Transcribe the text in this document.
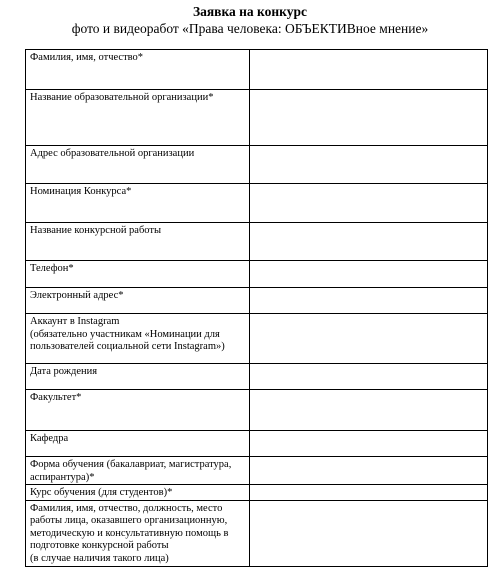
Заявка на конкурс
фото и видеоработ «Права человека: ОБЪЕКТИВное мнение»
Фамилия, имя, отчество*	

Название образовательной организации*	

Адрес образовательной организации	

Номинация Конкурса*	

Название конкурсной работы	

Телефон*	

Электронный адрес*	

Аккаунт в Instagram
(обязательно участникам «Номинации для пользователей социальной сети Instagram»)	

Дата рождения	

Факультет*	

Кафедра	

Форма обучения (бакалавриат, магистратура, аспирантура)*	

Курс обучения (для студентов)*	

Фамилия, имя, отчество, должность, место работы лица, оказавшего организационную, методическую и консультативную помощь в подготовке конкурсной работы
(в случае наличия такого лица)	
